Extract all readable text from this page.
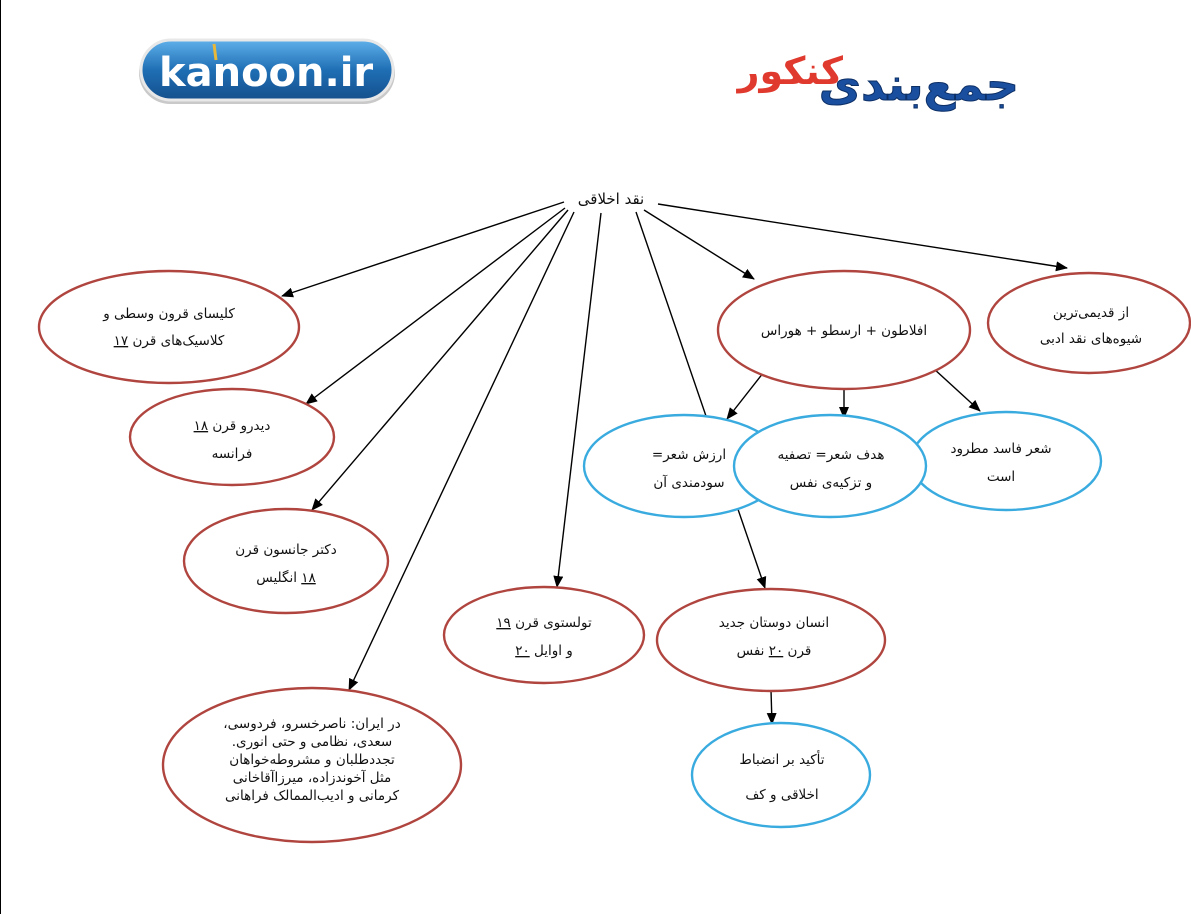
kanoon.ir	جمع‌بندی
کنکور
نقد اخلاقی
کلیسای قرون وسطی و کلاسیک‌های قرن ۱۷
دیدرو قرن ۱۸فرانسه
دکتر جانسون قرن ۱۸ انگلیس
در ایران: ناصرخسرو، فردوسی، سعدی، نظامی و حتی انوری. تجددطلبان و مشروطه‌خواهان مثل آخوندزاده، میرزاآقاخانی کرمانی و ادیب‌الممالک فراهانی
تولستوی قرن ۱۹و اوایل ۲۰
انسان دوستان جدید قرن ۲۰ نفس
تأکید بر انضباط اخلاقی و کف
افلاطون + ارسطو + هوراس
از قدیمی‌ترین شیوه‌های نقد ادبی
شعر فاسد مطرود است
ارزش شعر= سودمندی آن
هدف شعر= تصفیه و تزکیه‌ی نفس
